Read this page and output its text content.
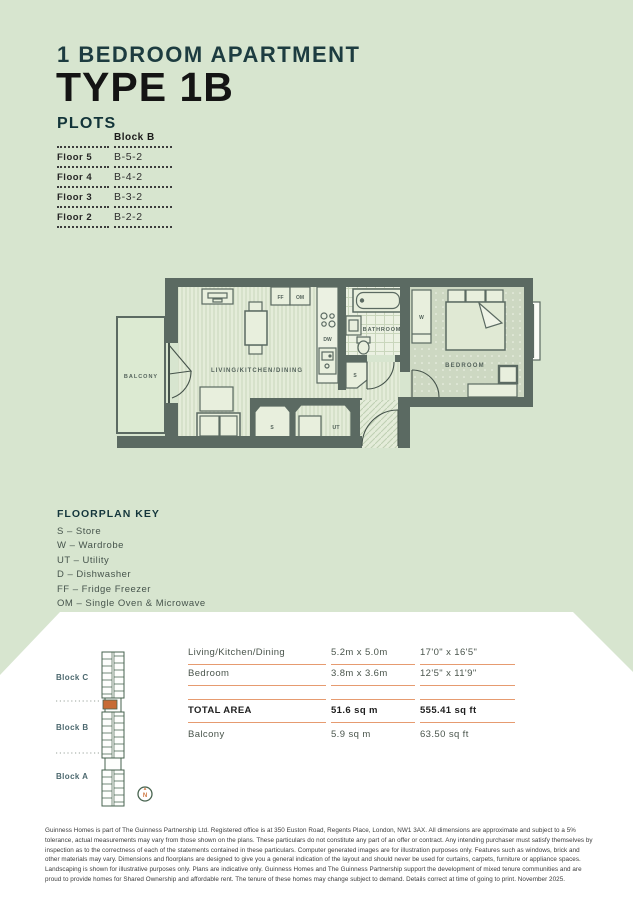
1 BEDROOM APARTMENT
TYPE 1B
PLOTS
Block B
Floor 5	B-5-2
Floor 4	B-4-2
Floor 3	B-3-2
Floor 2	B-2-2
BALCONY
LIVING/KITCHEN/DINING
BATHROOM
BEDROOM
W
S
S	UT
DW
FF OM
FLOORPLAN KEY
S – Store
W – Wardrobe
UT – Utility
D – Dishwasher
FF – Fridge Freezer
OM – Single Oven & Microwave
Block C
Block B
Block A
N
Living/Kitchen/Dining	5.2m x 5.0m	17'0" x 16'5"
Bedroom	3.8m x 3.6m	12'5" x 11'9"
TOTAL AREA	51.6 sq m	555.41 sq ft
Balcony	5.9 sq m	63.50 sq ft
Guinness Homes is part of The Guinness Partnership Ltd. Registered office is at 350 Euston Road, Regents Place, London, NW1 3AX. All dimensions are approximate and subject to a 5% tolerance, actual measurements may vary from those shown on the plans. These particulars do not constitute any part of an offer or contract. Any intending purchaser must satisfy themselves by inspection as to the correctness of each of the statements contained in these particulars. Computer generated images are for illustration purposes only. Features such as windows, brick and other materials may vary. Dimensions and floorplans are designed to give you a general indication of the layout and should never be used for curtains, carpets, furniture or appliance spaces. Landscaping is shown for illustrative purposes only. Plans are indicative only. Guinness Homes and The Guinness Partnership support the development of mixed tenure communities and are proud to provide homes for Shared Ownership and affordable rent. The tenure of these homes may change subject to demand. Details correct at time of going to print. November 2025.
